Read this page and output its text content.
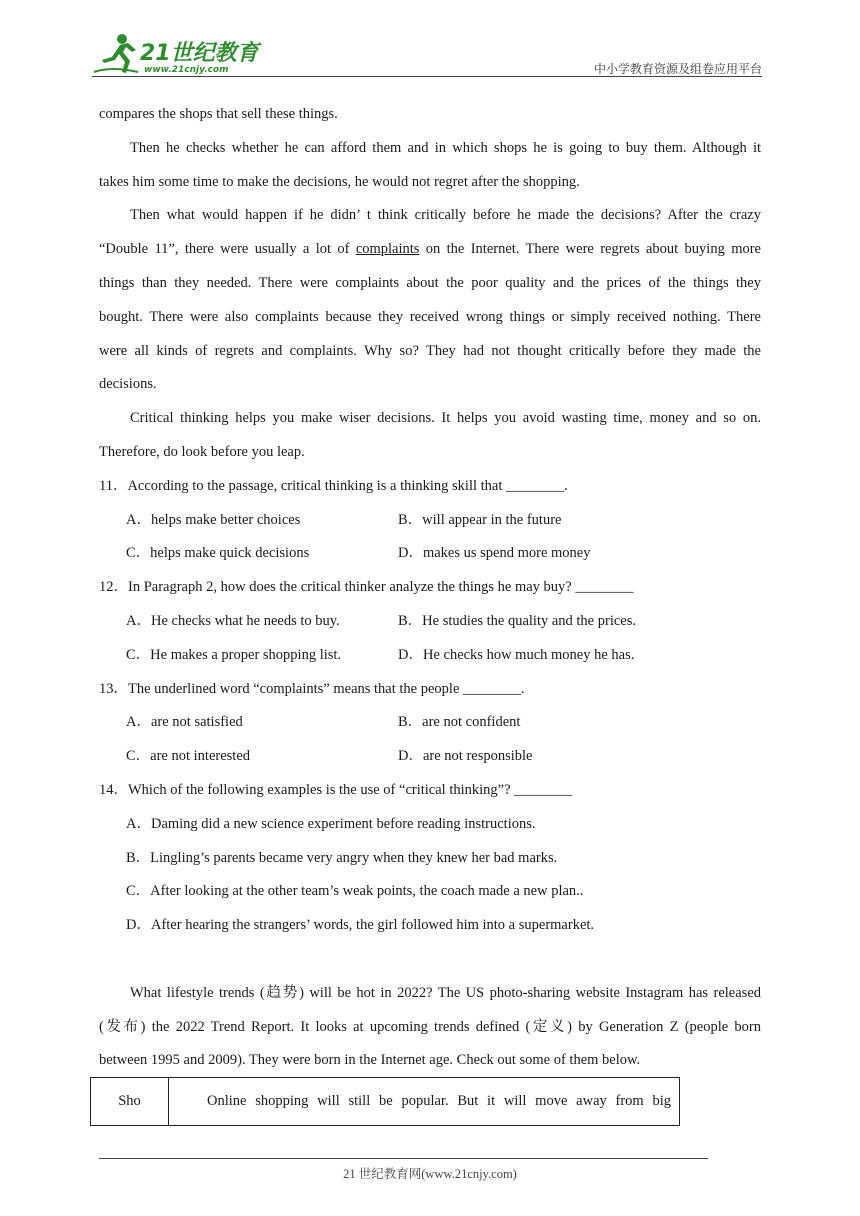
21世纪教育
www.21cnjy.com	中小学教育资源及组卷应用平台
compares the shops that sell these things.
Then he checks whether he can afford them and in which shops he is going to buy them. Although it
takes him some time to make the decisions, he would not regret after the shopping.
Then what would happen if he didn’ t think critically before he made the decisions? After the crazy
“Double 11”, there were usually a lot of complaints on the Internet. There were regrets about buying more
things than they needed. There were complaints about the poor quality and the prices of the things they
bought. There were also complaints because they received wrong things or simply received nothing. There
were all kinds of regrets and complaints. Why so? They had not thought critically before they made the
decisions.
Critical thinking helps you make wiser decisions. It helps you avoid wasting time, money and so on.
Therefore, do look before you leap.
11．According to the passage, critical thinking is a thinking skill that ________.
A．helps make better choices	B．will appear in the future
C．helps make quick decisions	D．makes us spend more money
12．In Paragraph 2, how does the critical thinker analyze the things he may buy? ________
A．He checks what he needs to buy.	B．He studies the quality and the prices.
C．He makes a proper shopping list.	D．He checks how much money he has.
13．The underlined word “complaints” means that the people ________.
A．are not satisfied	B．are not confident
C．are not interested	D．are not responsible
14．Which of the following examples is the use of “critical thinking”? ________
A．Daming did a new science experiment before reading instructions.
B．Lingling’s parents became very angry when they knew her bad marks.
C．After looking at the other team’s weak points, the coach made a new plan..
D．After hearing the strangers’ words, the girl followed him into a supermarket.
What lifestyle trends (趋势) will be hot in 2022? The US photo-sharing website Instagram has released
(发布) the 2022 Trend Report. It looks at upcoming trends defined (定义) by Generation Z (people born
between 1995 and 2009). They were born in the Internet age. Check out some of them below.
Sho	Online shopping will still be popular. But it will move away from big
21 世纪教育网(www.21cnjy.com)
